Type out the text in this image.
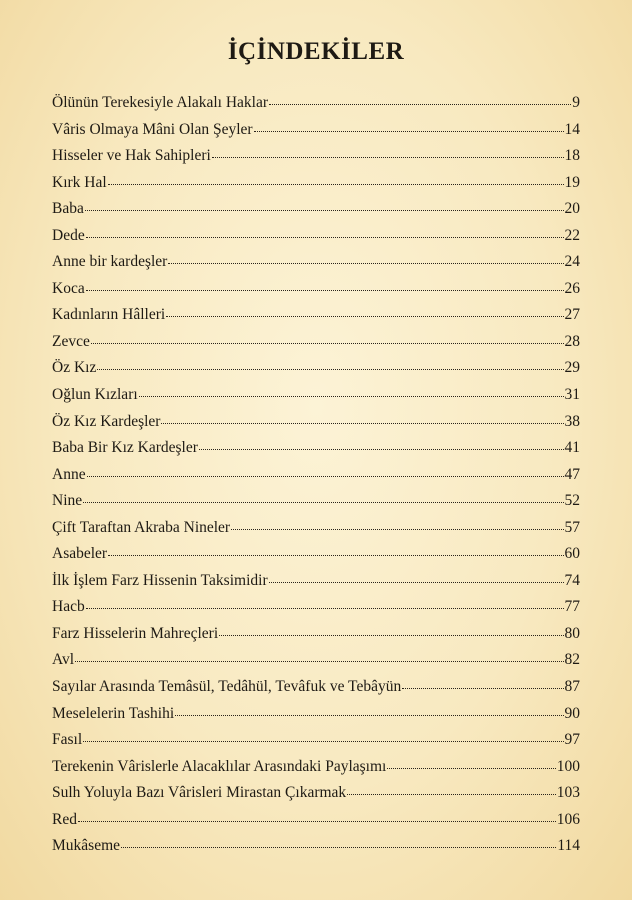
İÇİNDEKİLER
Ölünün Terekesiyle Alakalı Haklar	9
Vâris Olmaya Mâni Olan Şeyler	14
Hisseler ve Hak Sahipleri	18
Kırk Hal	19
Baba	20
Dede	22
Anne bir kardeşler	24
Koca	26
Kadınların Hâlleri	27
Zevce	28
Öz Kız	29
Oğlun Kızları	31
Öz Kız Kardeşler	38
Baba Bir Kız Kardeşler	41
Anne	47
Nine	52
Çift Taraftan Akraba Nineler	57
Asabeler	60
İlk İşlem Farz Hissenin Taksimidir	74
Hacb	77
Farz Hisselerin Mahreçleri	80
Avl	82
Sayılar Arasında Temâsül, Tedâhül, Tevâfuk ve Tebâyün	87
Meselelerin Tashihi	90
Fasıl	97
Terekenin Vârislerle Alacaklılar Arasındaki Paylaşımı	100
Sulh Yoluyla Bazı Vârisleri Mirastan Çıkarmak	103
Red	106
Mukâseme	114
